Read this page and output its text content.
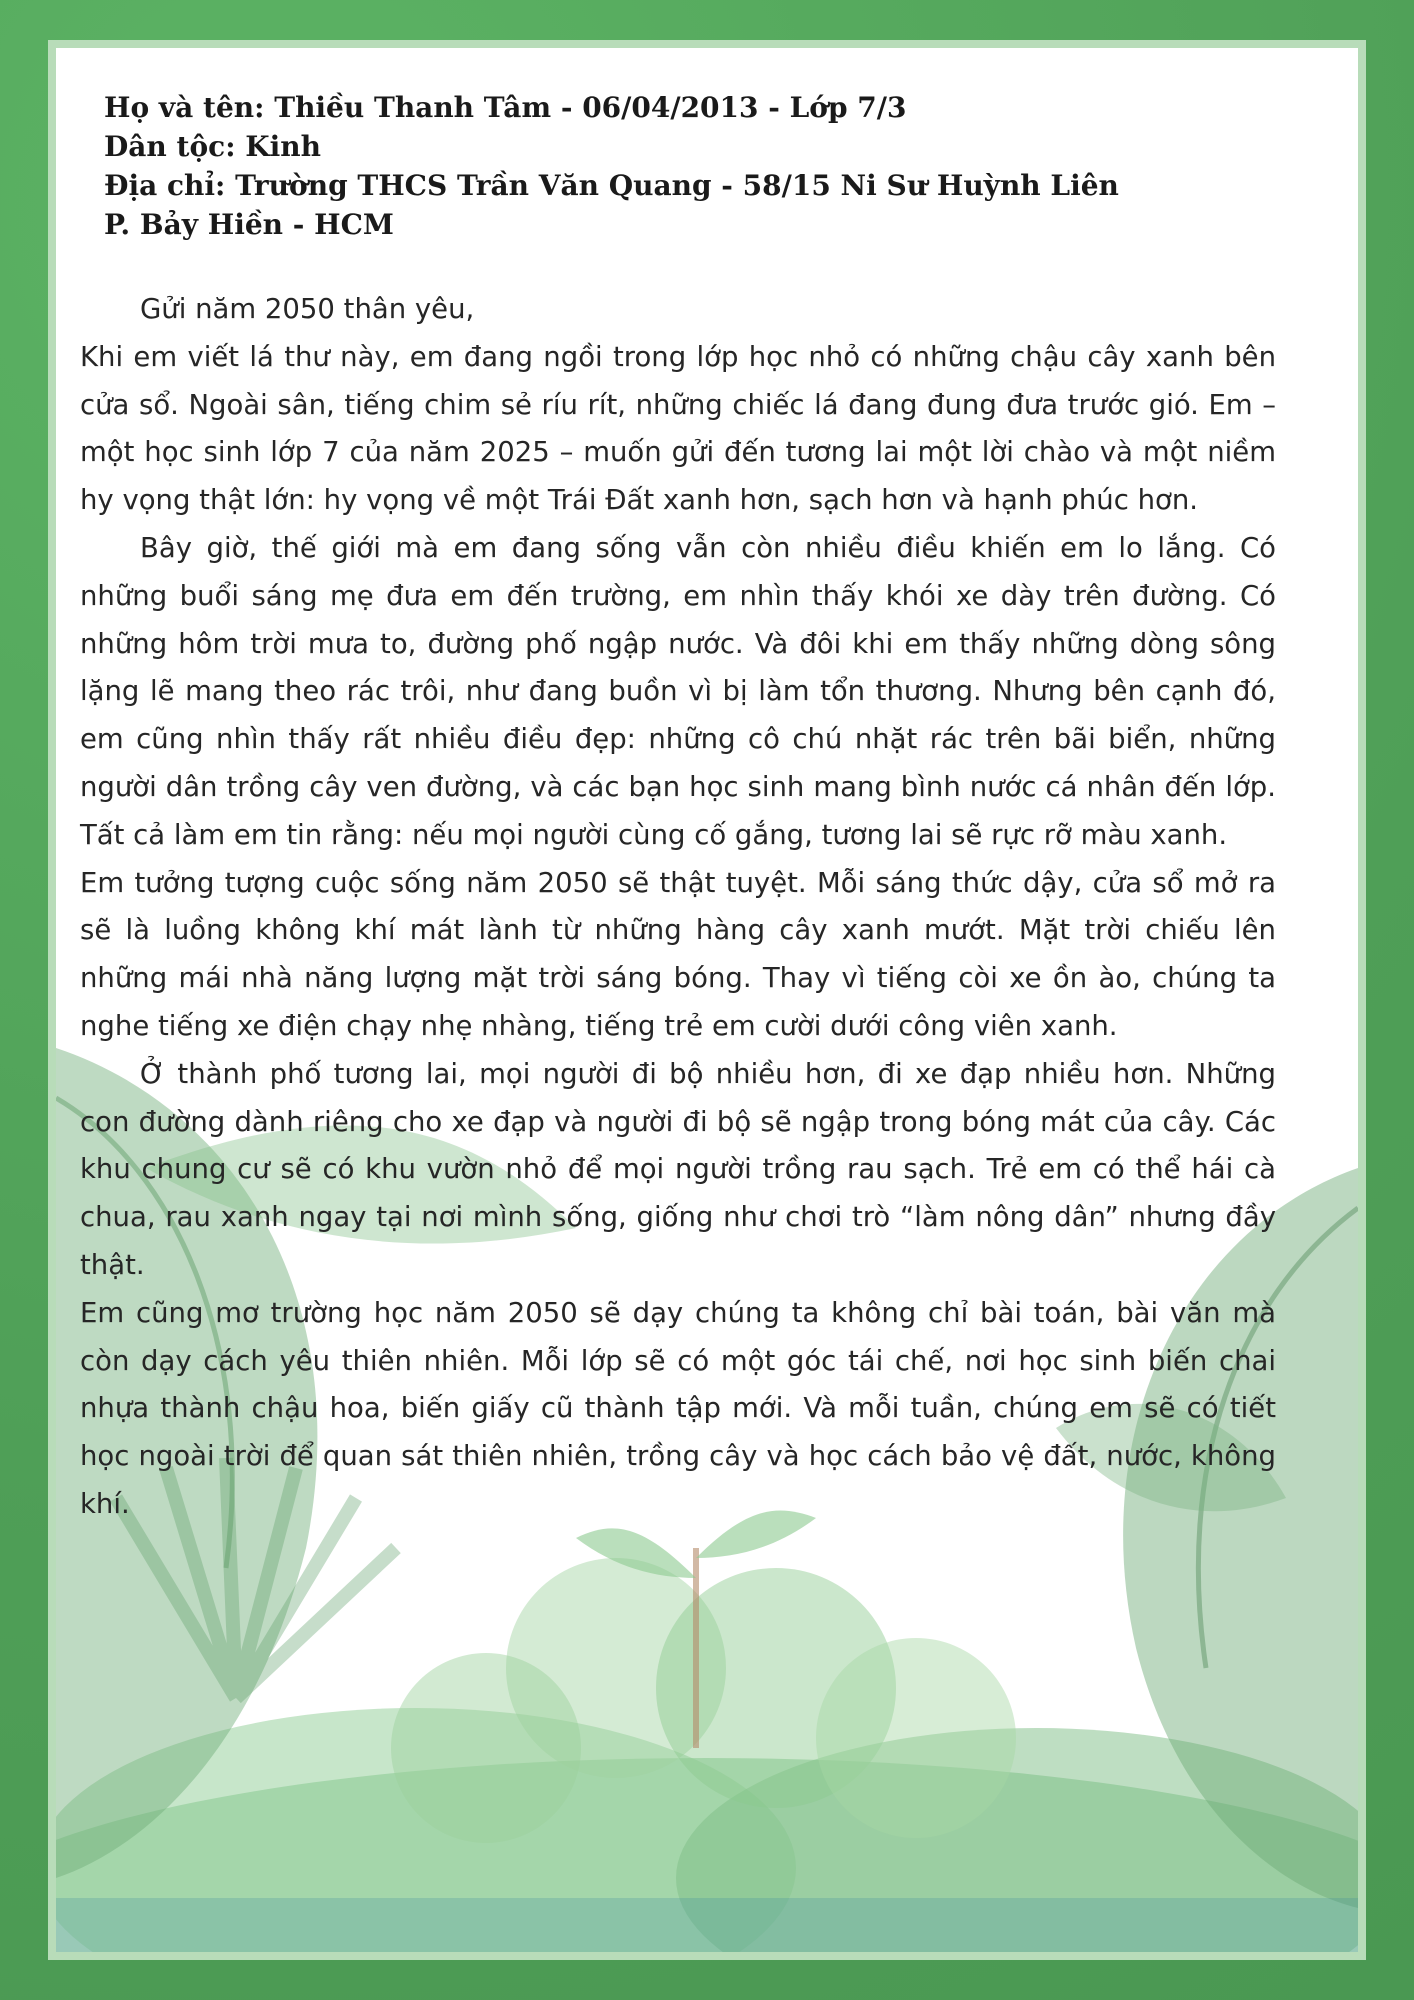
Họ và tên: Thiều Thanh Tâm - 06/04/2013 - Lớp 7/3
Dân tộc: Kinh
Địa chỉ: Trường THCS Trần Văn Quang - 58/15 Ni Sư Huỳnh Liên
P. Bảy Hiền - HCM

Gửi năm 2050 thân yêu,

Khi em viết lá thư này, em đang ngồi trong lớp học nhỏ có những chậu cây xanh bên cửa sổ. Ngoài sân, tiếng chim sẻ ríu rít, những chiếc lá đang đung đưa trước gió. Em – một học sinh lớp 7 của năm 2025 – muốn gửi đến tương lai một lời chào và một niềm hy vọng thật lớn: hy vọng về một Trái Đất xanh hơn, sạch hơn và hạnh phúc hơn.

Bây giờ, thế giới mà em đang sống vẫn còn nhiều điều khiến em lo lắng. Có những buổi sáng mẹ đưa em đến trường, em nhìn thấy khói xe dày trên đường. Có những hôm trời mưa to, đường phố ngập nước. Và đôi khi em thấy những dòng sông lặng lẽ mang theo rác trôi, như đang buồn vì bị làm tổn thương. Nhưng bên cạnh đó, em cũng nhìn thấy rất nhiều điều đẹp: những cô chú nhặt rác trên bãi biển, những người dân trồng cây ven đường, và các bạn học sinh mang bình nước cá nhân đến lớp. Tất cả làm em tin rằng: nếu mọi người cùng cố gắng, tương lai sẽ rực rỡ màu xanh.

Em tưởng tượng cuộc sống năm 2050 sẽ thật tuyệt. Mỗi sáng thức dậy, cửa sổ mở ra sẽ là luồng không khí mát lành từ những hàng cây xanh mướt. Mặt trời chiếu lên những mái nhà năng lượng mặt trời sáng bóng. Thay vì tiếng còi xe ồn ào, chúng ta nghe tiếng xe điện chạy nhẹ nhàng, tiếng trẻ em cười dưới công viên xanh.

Ở thành phố tương lai, mọi người đi bộ nhiều hơn, đi xe đạp nhiều hơn. Những con đường dành riêng cho xe đạp và người đi bộ sẽ ngập trong bóng mát của cây. Các khu chung cư sẽ có khu vườn nhỏ để mọi người trồng rau sạch. Trẻ em có thể hái cà chua, rau xanh ngay tại nơi mình sống, giống như chơi trò “làm nông dân” nhưng đầy thật.

Em cũng mơ trường học năm 2050 sẽ dạy chúng ta không chỉ bài toán, bài văn mà còn dạy cách yêu thiên nhiên. Mỗi lớp sẽ có một góc tái chế, nơi học sinh biến chai nhựa thành chậu hoa, biến giấy cũ thành tập mới. Và mỗi tuần, chúng em sẽ có tiết học ngoài trời để quan sát thiên nhiên, trồng cây và học cách bảo vệ đất, nước, không khí.
